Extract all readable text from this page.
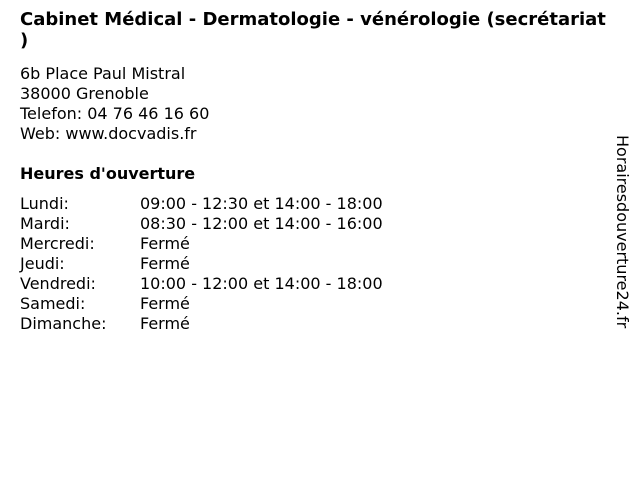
Cabinet Médical - Dermatologie - vénérologie (secrétariat )
6b Place Paul Mistral
38000 Grenoble
Telefon: 04 76 46 16 60
Web: www.docvadis.fr
Heures d'ouverture
Lundi:	09:00 - 12:30 et 14:00 - 18:00
Mardi:	08:30 - 12:00 et 14:00 - 16:00
Mercredi:	Fermé
Jeudi:	Fermé
Vendredi:	10:00 - 12:00 et 14:00 - 18:00
Samedi:	Fermé
Dimanche:	Fermé	Horairesdouverture24.fr
